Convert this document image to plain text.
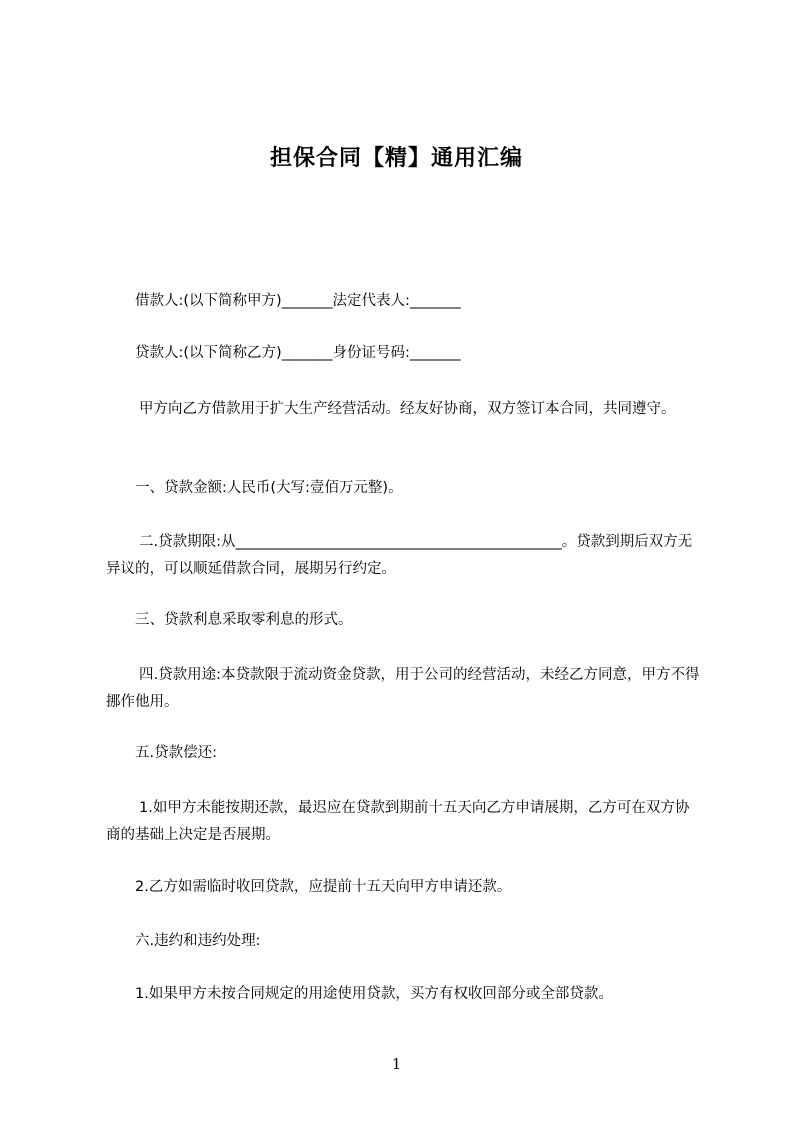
担保合同【精】通用汇编

借款人:(以下简称甲方)_______法定代表人:_______

贷款人:(以下简称乙方)_______身份证号码:_______

甲方向乙方借款用于扩大生产经营活动。经友好协商，双方签订本合同，共同遵守。

一、贷款金额:人民币(大写:壹佰万元整)。

二.贷款期限:从_____________________________________________。贷款到期后双方无异议的，可以顺延借款合同，展期另行约定。

三、贷款利息采取零利息的形式。

四.贷款用途:本贷款限于流动资金贷款，用于公司的经营活动，未经乙方同意，甲方不得挪作他用。

五.贷款偿还:

1.如甲方未能按期还款，最迟应在贷款到期前十五天向乙方申请展期，乙方可在双方协商的基础上决定是否展期。

2.乙方如需临时收回贷款，应提前十五天向甲方申请还款。

六.违约和违约处理:

1.如果甲方未按合同规定的用途使用贷款，买方有权收回部分或全部贷款。

1
